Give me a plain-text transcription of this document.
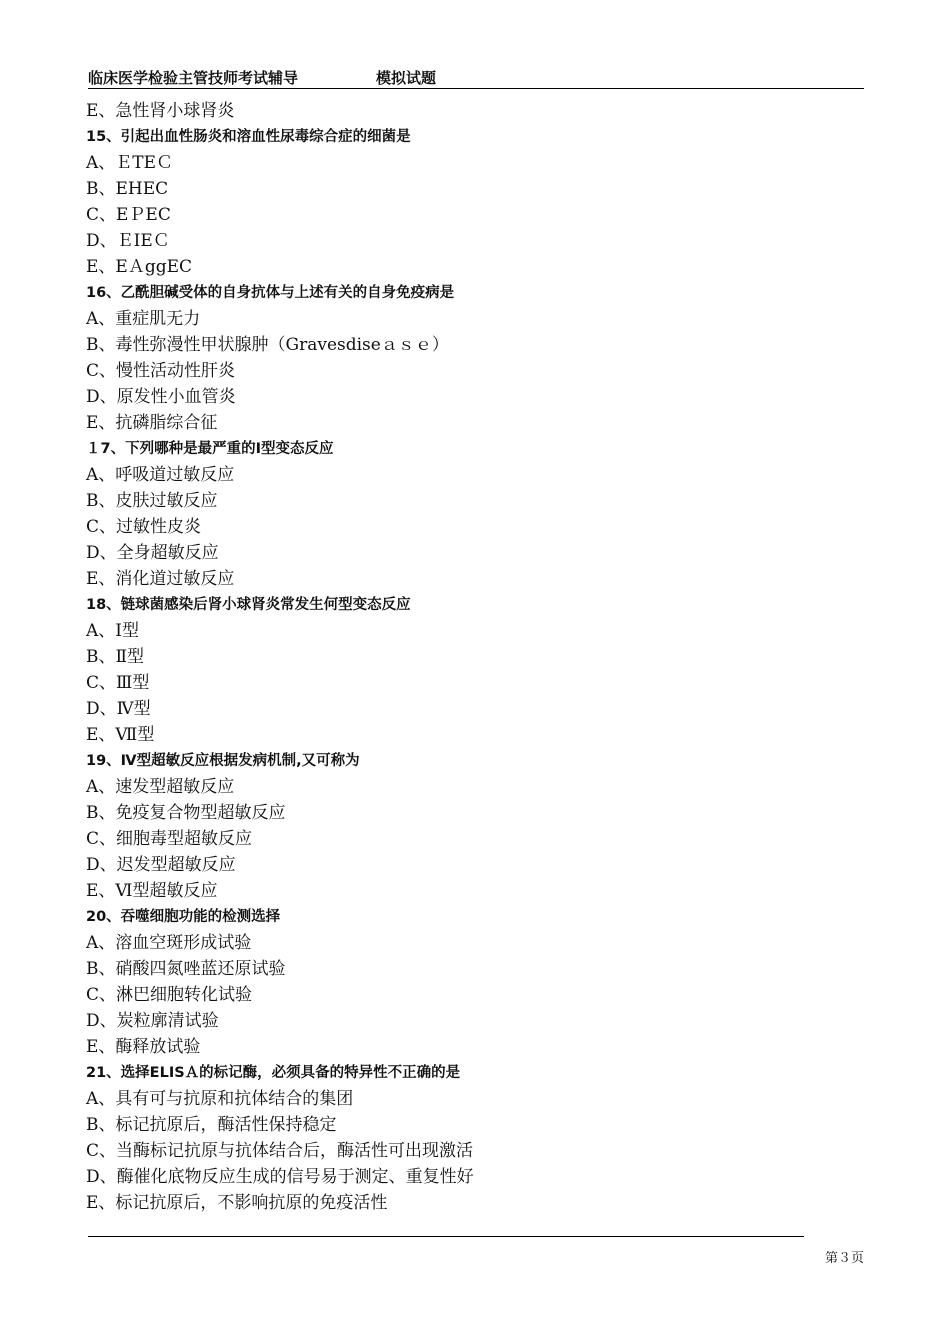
临床医学检验主管技师考试辅导	模拟试题
E、急性肾小球肾炎
15、引起出血性肠炎和溶血性尿毒综合症的细菌是
A、ＥTEＣ
B、EHEC
C、EＰEC
D、ＥIEＣ
E、EＡggEC
16、乙酰胆碱受体的自身抗体与上述有关的自身免疫病是
A、重症肌无力
B、毒性弥漫性甲状腺肿（Gravesdiseａｓｅ）
C、慢性活动性肝炎
D、原发性小血管炎
E、抗磷脂综合征
１7、下列哪种是最严重的Ⅰ型变态反应
A、呼吸道过敏反应
B、皮肤过敏反应
C、过敏性皮炎
D、全身超敏反应
E、消化道过敏反应
18、链球菌感染后肾小球肾炎常发生何型变态反应
A、Ⅰ型
B、Ⅱ型
C、Ⅲ型
D、Ⅳ型
E、Ⅶ型
19、Ⅳ型超敏反应根据发病机制,又可称为
A、速发型超敏反应
B、免疫复合物型超敏反应
C、细胞毒型超敏反应
D、迟发型超敏反应
E、Ⅵ型超敏反应
20、吞噬细胞功能的检测选择
A、溶血空斑形成试验
B、硝酸四氮唑蓝还原试验
C、淋巴细胞转化试验
D、炭粒廓清试验
E、酶释放试验
21、选择ELISＡ的标记酶，必须具备的特异性不正确的是
A、具有可与抗原和抗体结合的集团
B、标记抗原后，酶活性保持稳定
C、当酶标记抗原与抗体结合后，酶活性可出现激活
D、酶催化底物反应生成的信号易于测定、重复性好
E、标记抗原后，不影响抗原的免疫活性
第３页
